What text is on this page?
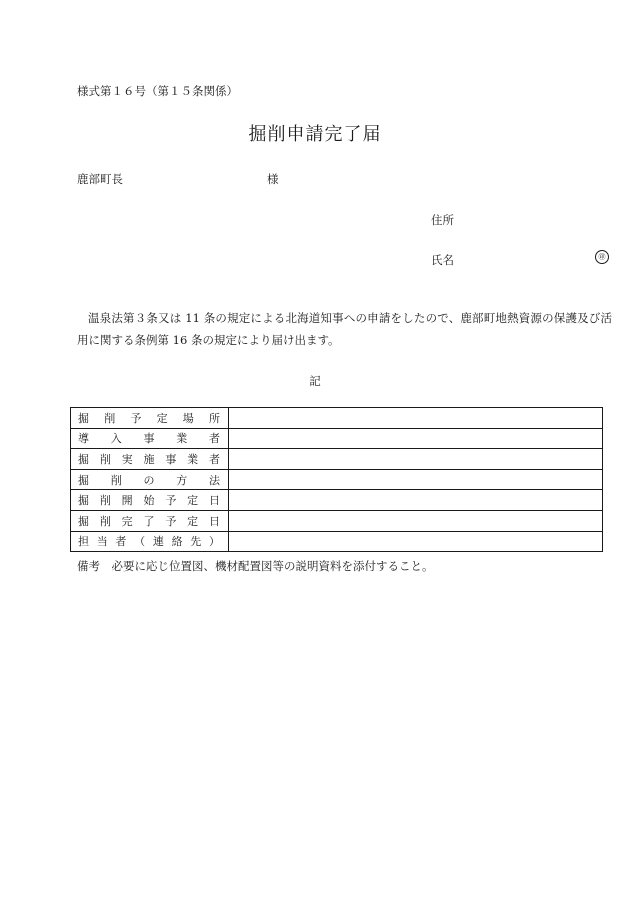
様式第１６号（第１５条関係）
掘削申請完了届
鹿部町長	様
住所
氏名	㊞
温泉法第３条又は 11 条の規定による北海道知事への申請をしたので、鹿部町地熱資源の保護及び活用に関する条例第 16 条の規定により届け出ます。
記
掘削予定場所	
導入事業者	
掘削実施事業者	
掘削の方法	
掘削開始予定日	
掘削完了予定日	
担当者（連絡先）	
備考　必要に応じ位置図、機材配置図等の説明資料を添付すること。
